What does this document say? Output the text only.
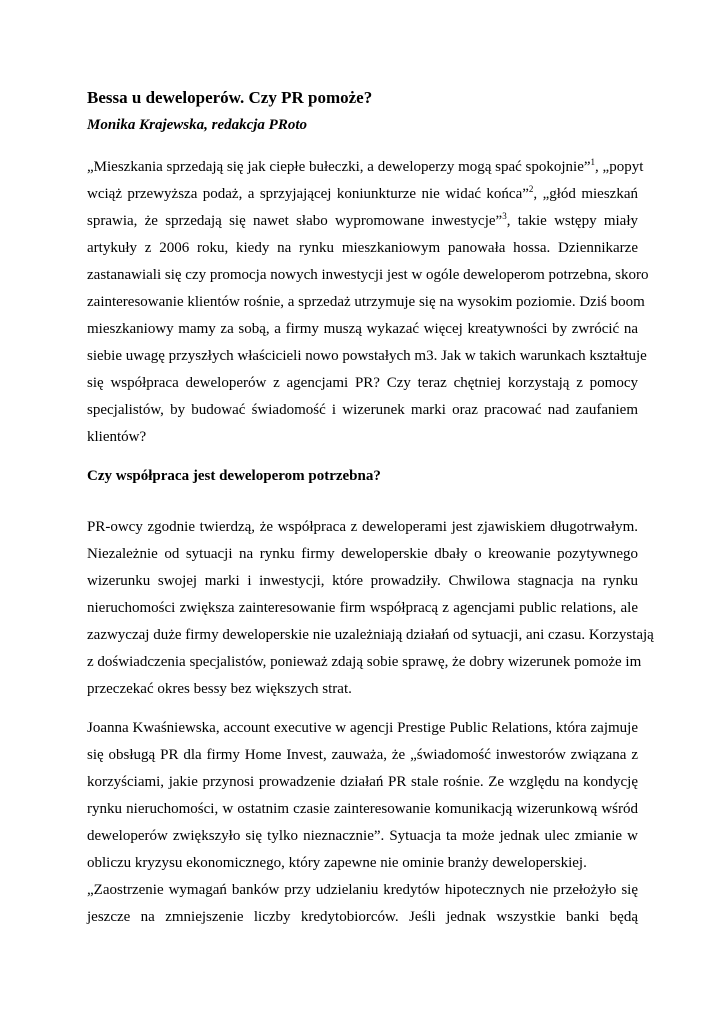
Bessa u deweloperów. Czy PR pomoże?

Monika Krajewska, redakcja PRoto

„Mieszkania sprzedają się jak ciepłe bułeczki, a deweloperzy mogą spać spokojnie”$^1$, „popyt
wciąż przewyższa podaż, a sprzyjającej koniunkturze nie widać końca”$^2$, „głód mieszkań
sprawia, że sprzedają się nawet słabo wypromowane inwestycje”$^3$, takie wstępy miały
artykuły z 2006 roku, kiedy na rynku mieszkaniowym panowała hossa. Dziennikarze
zastanawiali się czy promocja nowych inwestycji jest w ogóle deweloperom potrzebna, skoro
zainteresowanie klientów rośnie, a sprzedaż utrzymuje się na wysokim poziomie. Dziś boom
mieszkaniowy mamy za sobą, a firmy muszą wykazać więcej kreatywności by zwrócić na
siebie uwagę przyszłych właścicieli nowo powstałych m3. Jak w takich warunkach kształtuje
się współpraca deweloperów z agencjami PR? Czy teraz chętniej korzystają z pomocy
specjalistów, by budować świadomość i wizerunek marki oraz pracować nad zaufaniem
klientów?
Czy współpraca jest deweloperom potrzebna?
PR-owcy zgodnie twierdzą, że współpraca z deweloperami jest zjawiskiem długotrwałym.
Niezależnie od sytuacji na rynku firmy deweloperskie dbały o kreowanie pozytywnego
wizerunku swojej marki i inwestycji, które prowadziły. Chwilowa stagnacja na rynku
nieruchomości zwiększa zainteresowanie firm współpracą z agencjami public relations, ale
zazwyczaj duże firmy deweloperskie nie uzależniają działań od sytuacji, ani czasu. Korzystają
z doświadczenia specjalistów, ponieważ zdają sobie sprawę, że dobry wizerunek pomoże im
przeczekać okres bessy bez większych strat.
Joanna Kwaśniewska, account executive w agencji Prestige Public Relations, która zajmuje
się obsługą PR dla firmy Home Invest, zauważa, że „świadomość inwestorów związana z
korzyściami, jakie przynosi prowadzenie działań PR stale rośnie. Ze względu na kondycję
rynku nieruchomości, w ostatnim czasie zainteresowanie komunikacją wizerunkową wśród
deweloperów zwiększyło się tylko nieznacznie”. Sytuacja ta może jednak ulec zmianie w
obliczu kryzysu ekonomicznego, który zapewne nie ominie branży deweloperskiej.
„Zaostrzenie wymagań banków przy udzielaniu kredytów hipotecznych nie przełożyło się
jeszcze na zmniejszenie liczby kredytobiorców. Jeśli jednak wszystkie banki będą
